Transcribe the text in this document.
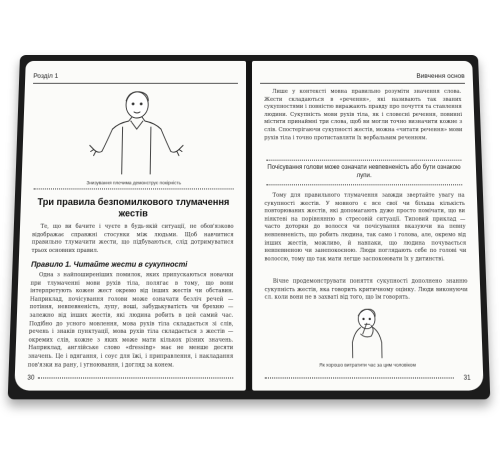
Розділ 1
Знизування плечима демонструє покірність

Три правила безпомилкового тлумачення жестів

Те, що ви бачите і чуєте в будь-якій ситуації, не обов'язково відображає справжні стосунки між людьми. Щоб навчитися правильно тлумачити жести, що підбуваються, слід дотримуватися трьох основних правил.

Правило 1. Читайте жести в сукупності

Одна з найпоширеніших помилок, яких припускаються новачки при тлумаченні мови рухів тіла, полягає в тому, що вони інтерпретують кожен жест окремо від інших жестів чи обставин. Наприклад, почісування голови може означати безліч речей — потіння, невпевненість, лупу, воші, забудькуватість чи брехню — залежно від інших жестів, які людина робить в цей самий час. Подібно до усного мовлення, мова рухів тіла складається зі слів, речень і знаків пунктуації, мова рухів тіла складається з жестів — окремих слів, кожне з яких може мати кількох різних значень. Наприклад, англійське слово «dressing» має не менше десяти значень. Це і вдягання, і соус для їжі, і приправлення, і накладання пов'язки на рану, і угноювання, і догляд за конем.

30
Вивчення основ

Лише у контексті мовна правильно розуміти значення слова. Жести складаються в «речення», які називають так званих сукупностями і повністю виражають правду про почуття та ставлення людини. Сукупність мови рухів тіла, як і словесні речення, повинні містити принаймні три слова, щоб ви могли точно визначити кожне з слів. Спостерігаючи сукупності жестів, можна «читати речення» мови рухів тіла і точно протиставляти їх вербальним реченням.

Почісування голови може означати невпевненість або бути ознакою лупи.

Тому для правильного тлумачення завжди звертайте увагу на сукупності жестів. У мовного є все свої чи більша кількість повторюваних жестів, які допомагають дуже просто помічати, що ви ніяктеві на порівнянню в стресовій ситуації. Типовий приклад — часто доторки до волосся чи почісування вказуючи на певну невпевненість, що робить людина, так само і голова, але, окремо від інших жестів, можливо, й навпаки, що людина почувається невпевненою чи занепокоєною. Люди поглядають себе по голові чи волоссю, тому що так мати легше заспокоювати їх у дитинстві.

Вічне продемонструвати поняття сукупності дополнено знанню сукупність жестів, яка говорить критичному оцінку. Люди виконуючи сл. коли вони не в захваті від того, що їм говорять.

Як хорошо витратити час за цим чоловіком
31
